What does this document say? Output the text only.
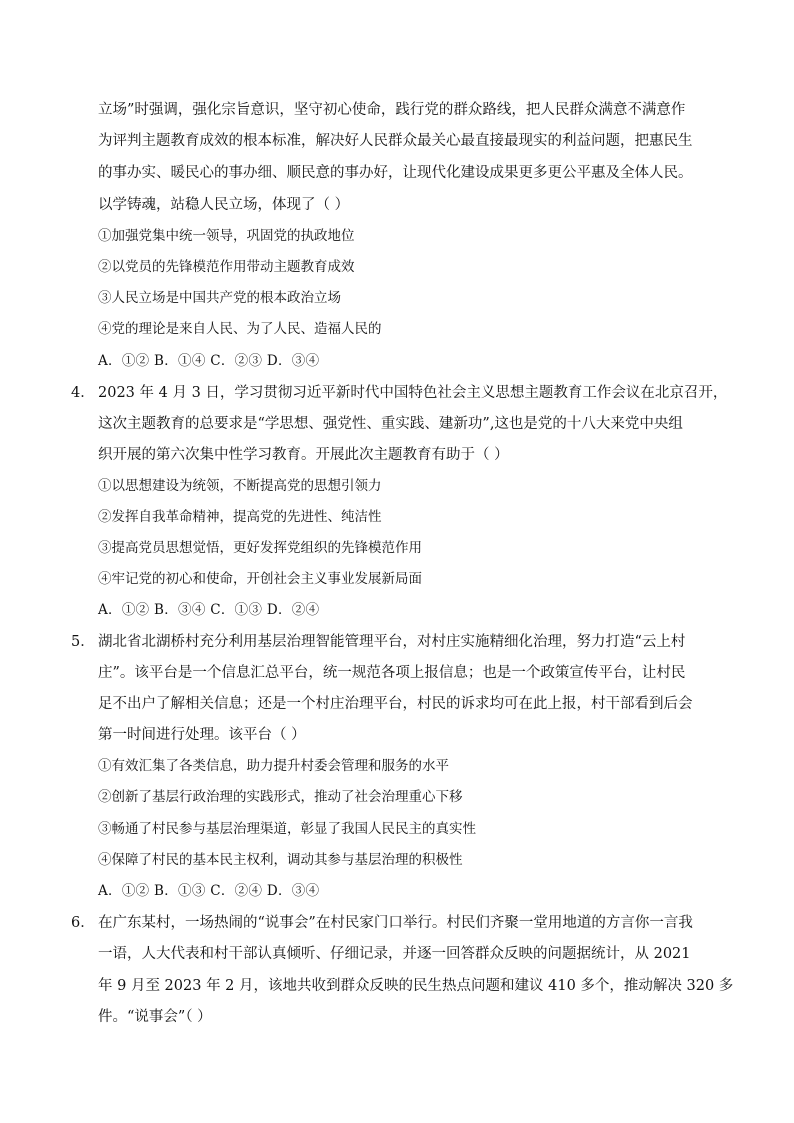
立场”时强调，强化宗旨意识，坚守初心使命，践行党的群众路线，把人民群众满意不满意作
为评判主题教育成效的根本标准，解决好人民群众最关心最直接最现实的利益问题，把惠民生
的事办实、暖民心的事办细、顺民意的事办好，让现代化建设成果更多更公平惠及全体人民。
以学铸魂，站稳人民立场，体现了（ ）
①加强党集中统一领导，巩固党的执政地位
②以党员的先锋模范作用带动主题教育成效
③人民立场是中国共产党的根本政治立场
④党的理论是来自人民、为了人民、造福人民的
A．①② B．①④ C．②③ D．③④
4． 2023 年 4 月 3 日，学习贯彻习近平新时代中国特色社会主义思想主题教育工作会议在北京召开，
这次主题教育的总要求是“学思想、强党性、重实践、建新功”,这也是党的十八大来党中央组
织开展的第六次集中性学习教育。开展此次主题教育有助于（ ）
①以思想建设为统领，不断提高党的思想引领力
②发挥自我革命精神，提高党的先进性、纯洁性
③提高党员思想觉悟，更好发挥党组织的先锋模范作用
④牢记党的初心和使命，开创社会主义事业发展新局面
A．①② B．③④ C．①③ D．②④
5． 湖北省北湖桥村充分利用基层治理智能管理平台，对村庄实施精细化治理，努力打造“云上村
庄”。该平台是一个信息汇总平台，统一规范各项上报信息；也是一个政策宣传平台，让村民
足不出户了解相关信息；还是一个村庄治理平台，村民的诉求均可在此上报，村干部看到后会
第一时间进行处理。该平台（ ）
①有效汇集了各类信息，助力提升村委会管理和服务的水平
②创新了基层行政治理的实践形式，推动了社会治理重心下移
③畅通了村民参与基层治理渠道，彰显了我国人民民主的真实性
④保障了村民的基本民主权利，调动其参与基层治理的积极性
A．①② B．①③ C．②④ D．③④
6． 在广东某村，一场热闹的“说事会”在村民家门口举行。村民们齐聚一堂用地道的方言你一言我
一语，人大代表和村干部认真倾听、仔细记录，并逐一回答群众反映的问题据统计，从 2021
年 9 月至 2023 年 2 月，该地共收到群众反映的民生热点问题和建议 410 多个，推动解决 320 多
件。“说事会”（ ）
